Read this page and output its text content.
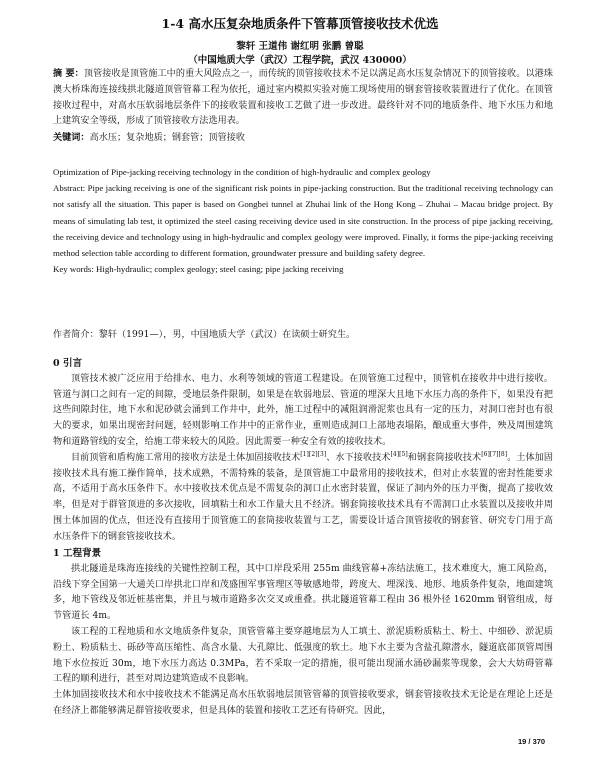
1-4 高水压复杂地质条件下管幕顶管接收技术优选
黎轩 王道伟 谢红明 张鹏 曾聪
（中国地质大学（武汉）工程学院，武汉 430000）

摘 要：顶管接收是顶管施工中的重大风险点之一，而传统的顶管接收技术不足以满足高水压复杂情况下的顶管接收。以港珠澳大桥珠海连接线拱北隧道顶管管幕工程为依托，通过室内模拟实验对施工现场使用的钢套管接收装置进行了优化。在顶管接收过程中，对高水压软弱地层条件下的接收装置和接收工艺做了进一步改进。最终针对不同的地质条件、地下水压力和地上建筑安全等级，形成了顶管接收方法选用表。

关键词：高水压；复杂地质；钢套管；顶管接收

Optimization of Pipe-jacking receiving technology in the condition of high-hydraulic and complex geology

Abstract: Pipe jacking receiving is one of the significant risk points in pipe-jacking construction. But the traditional receiving technology can not satisfy all the situation. This paper is based on Gongbei tunnel at Zhuhai link of the Hong Kong – Zhuhai – Macau bridge project. By means of simulating lab test, it optimized the steel casing receiving device used in site construction. In the process of pipe jacking receiving, the receiving device and technology using in high-hydraulic and complex geology were improved. Finally, it forms the pipe-jacking receiving method selection table according to different formation, groundwater pressure and building safety degree.

Key words: High-hydraulic; complex geology; steel casing; pipe jacking receiving

作者简介：黎轩（1991—），男，中国地质大学（武汉）在读硕士研究生。

0 引言

顶管技术被广泛应用于给排水、电力、水利等领域的管道工程建设。在顶管施工过程中，顶管机在接收井中进行接收。管道与洞口之间有一定的间隙，受地层条件限制，如果是在软弱地层、管道的埋深大且地下水压力高的条件下，如果没有把这些间隙封住，地下水和泥砂就会涌到工作井中，此外，施工过程中的减阻润滑泥浆也具有一定的压力，对洞口密封也有很大的要求，如果出现密封问题，轻则影响工作井中的正常作业，重则造成洞口上部地表塌陷，酿成重大事件，殃及周围建筑物和道路管线的安全，给施工带来较大的风险。因此需要一种安全有效的接收技术。

目前顶管和盾构施工常用的接收方法是土体加固接收技术[1][2][3]、水下接收技术[4][5]和钢套筒接收技术[6][7][8]。土体加固接收技术具有施工操作简单，技术成熟，不需特殊的装备，是顶管施工中最常用的接收技术，但对止水装置的密封性能要求高，不适用于高水压条件下。水中接收技术优点是不需复杂的洞口止水密封装置，保证了洞内外的压力平衡，提高了接收效率，但是对于群管顶进的多次接收，回填粘土和水工作量大且不经济。钢套筒接收技术具有不需洞口止水装置以及接收井周围土体加固的优点，但还没有直接用于顶管施工的套筒接收装置与工艺，需要设计适合顶管接收的钢套管、研究专门用于高水压条件下的钢套管接收技术。

1 工程背景

拱北隧道是珠海连接线的关键性控制工程，其中口岸段采用 255m 曲线管幕+冻结法施工，技术难度大，施工风险高，沿线下穿全国第一大通关口岸拱北口岸和茂盛围军事管理区等敏感地带，跨度大、埋深浅、地形、地质条件复杂，地面建筑多，地下管线及邻近桩基密集，并且与城市道路多次交叉或重叠。拱北隧道管幕工程由 36 根外径 1620mm 钢管组成，每节管道长 4m。

该工程的工程地质和水文地质条件复杂，顶管管幕主要穿越地层为人工填土、淤泥质粉质粘土、粉土、中细砂、淤泥质粉土、粉质粘土、砾砂等高压缩性、高含水量、大孔隙比、低强度的软土。地下水主要为含盐孔隙潜水，隧道底部顶管周围地下水位按近 30m，地下水压力高达 0.3MPa，若不采取一定的措施，很可能出现涌水涌砂漏浆等现象，会大大妨碍管幕工程的顺利进行，甚至对周边建筑造成不良影响。

土体加固接收技术和水中接收技术不能满足高水压软弱地层顶管管幕的顶管接收要求，钢套管接收技术无论是在理论上还是在经济上都能够满足群管接收要求，但是具体的装置和接收工艺还有待研究。因此，

19 / 370
